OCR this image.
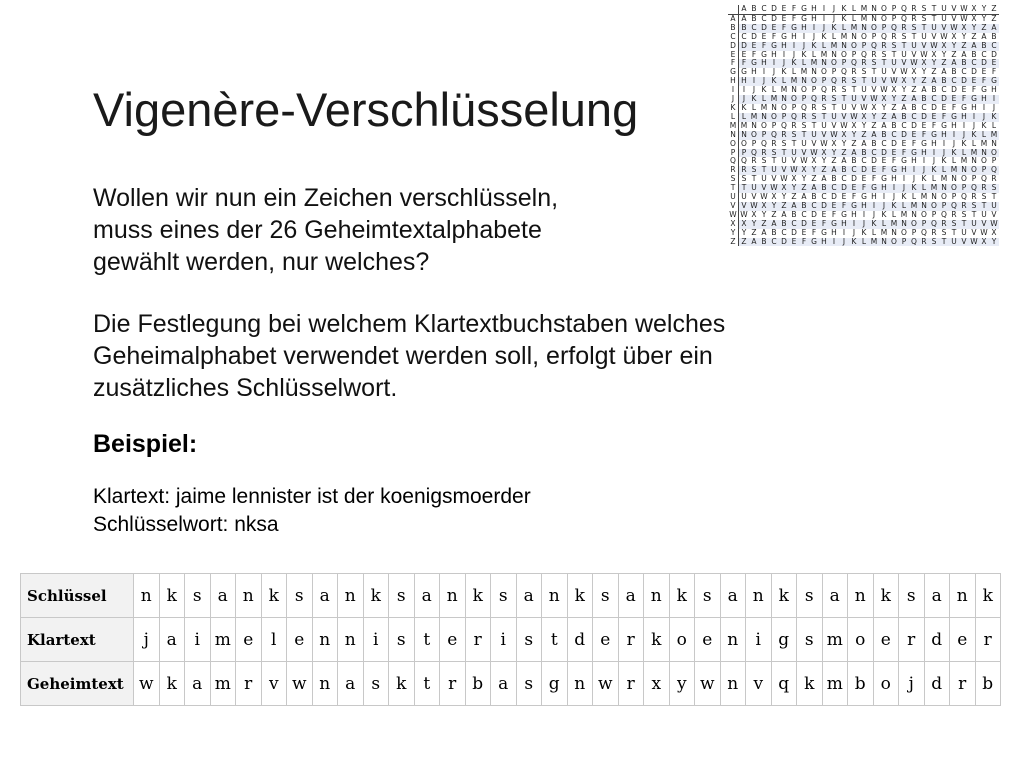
Vigenère-Verschlüsselung
	A	B	C	D	E	F	G	H	I	J	K	L	M	N	O	P	Q	R	S	T	U	V	W	X	Y	Z
A	A	B	C	D	E	F	G	H	I	J	K	L	M	N	O	P	Q	R	S	T	U	V	W	X	Y	Z
B	B	C	D	E	F	G	H	I	J	K	L	M	N	O	P	Q	R	S	T	U	V	W	X	Y	Z	A
C	C	D	E	F	G	H	I	J	K	L	M	N	O	P	Q	R	S	T	U	V	W	X	Y	Z	A	B
D	D	E	F	G	H	I	J	K	L	M	N	O	P	Q	R	S	T	U	V	W	X	Y	Z	A	B	C
E	E	F	G	H	I	J	K	L	M	N	O	P	Q	R	S	T	U	V	W	X	Y	Z	A	B	C	D
F	F	G	H	I	J	K	L	M	N	O	P	Q	R	S	T	U	V	W	X	Y	Z	A	B	C	D	E
G	G	H	I	J	K	L	M	N	O	P	Q	R	S	T	U	V	W	X	Y	Z	A	B	C	D	E	F
H	H	I	J	K	L	M	N	O	P	Q	R	S	T	U	V	W	X	Y	Z	A	B	C	D	E	F	G
I	I	J	K	L	M	N	O	P	Q	R	S	T	U	V	W	X	Y	Z	A	B	C	D	E	F	G	H
J	J	K	L	M	N	O	P	Q	R	S	T	U	V	W	X	Y	Z	A	B	C	D	E	F	G	H	I
K	K	L	M	N	O	P	Q	R	S	T	U	V	W	X	Y	Z	A	B	C	D	E	F	G	H	I	J
L	L	M	N	O	P	Q	R	S	T	U	V	W	X	Y	Z	A	B	C	D	E	F	G	H	I	J	K
M	M	N	O	P	Q	R	S	T	U	V	W	X	Y	Z	A	B	C	D	E	F	G	H	I	J	K	L
N	N	O	P	Q	R	S	T	U	V	W	X	Y	Z	A	B	C	D	E	F	G	H	I	J	K	L	M
O	O	P	Q	R	S	T	U	V	W	X	Y	Z	A	B	C	D	E	F	G	H	I	J	K	L	M	N
P	P	Q	R	S	T	U	V	W	X	Y	Z	A	B	C	D	E	F	G	H	I	J	K	L	M	N	O
Q	Q	R	S	T	U	V	W	X	Y	Z	A	B	C	D	E	F	G	H	I	J	K	L	M	N	O	P
R	R	S	T	U	V	W	X	Y	Z	A	B	C	D	E	F	G	H	I	J	K	L	M	N	O	P	Q
S	S	T	U	V	W	X	Y	Z	A	B	C	D	E	F	G	H	I	J	K	L	M	N	O	P	Q	R
T	T	U	V	W	X	Y	Z	A	B	C	D	E	F	G	H	I	J	K	L	M	N	O	P	Q	R	S
U	U	V	W	X	Y	Z	A	B	C	D	E	F	G	H	I	J	K	L	M	N	O	P	Q	R	S	T
V	V	W	X	Y	Z	A	B	C	D	E	F	G	H	I	J	K	L	M	N	O	P	Q	R	S	T	U
W	W	X	Y	Z	A	B	C	D	E	F	G	H	I	J	K	L	M	N	O	P	Q	R	S	T	U	V
X	X	Y	Z	A	B	C	D	E	F	G	H	I	J	K	L	M	N	O	P	Q	R	S	T	U	V	W
Y	Y	Z	A	B	C	D	E	F	G	H	I	J	K	L	M	N	O	P	Q	R	S	T	U	V	W	X
Z	Z	A	B	C	D	E	F	G	H	I	J	K	L	M	N	O	P	Q	R	S	T	U	V	W	X	Y

Wollen wir nun ein Zeichen verschlüsseln,
muss eines der 26 Geheimtextalphabete
gewählt werden, nur welches?

Die Festlegung bei welchem Klartextbuchstaben welches
Geheimalphabet verwendet werden soll, erfolgt über ein
zusätzliches Schlüsselwort.

Beispiel:

Klartext: jaime lennister ist der koenigsmoerder
Schlüsselwort: nksa

Schlüssel	n	k	s	a	n	k	s	a	n	k	s	a	n	k	s	a	n	k	s	a	n	k	s	a	n	k	s	a	n	k	s	a	n	k
Klartext	j	a	i	m	e	l	e	n	n	i	s	t	e	r	i	s	t	d	e	r	k	o	e	n	i	g	s	m	o	e	r	d	e	r
Geheimtext	w	k	a	m	r	v	w	n	a	s	k	t	r	b	a	s	g	n	w	r	x	y	w	n	v	q	k	m	b	o	j	d	r	b
